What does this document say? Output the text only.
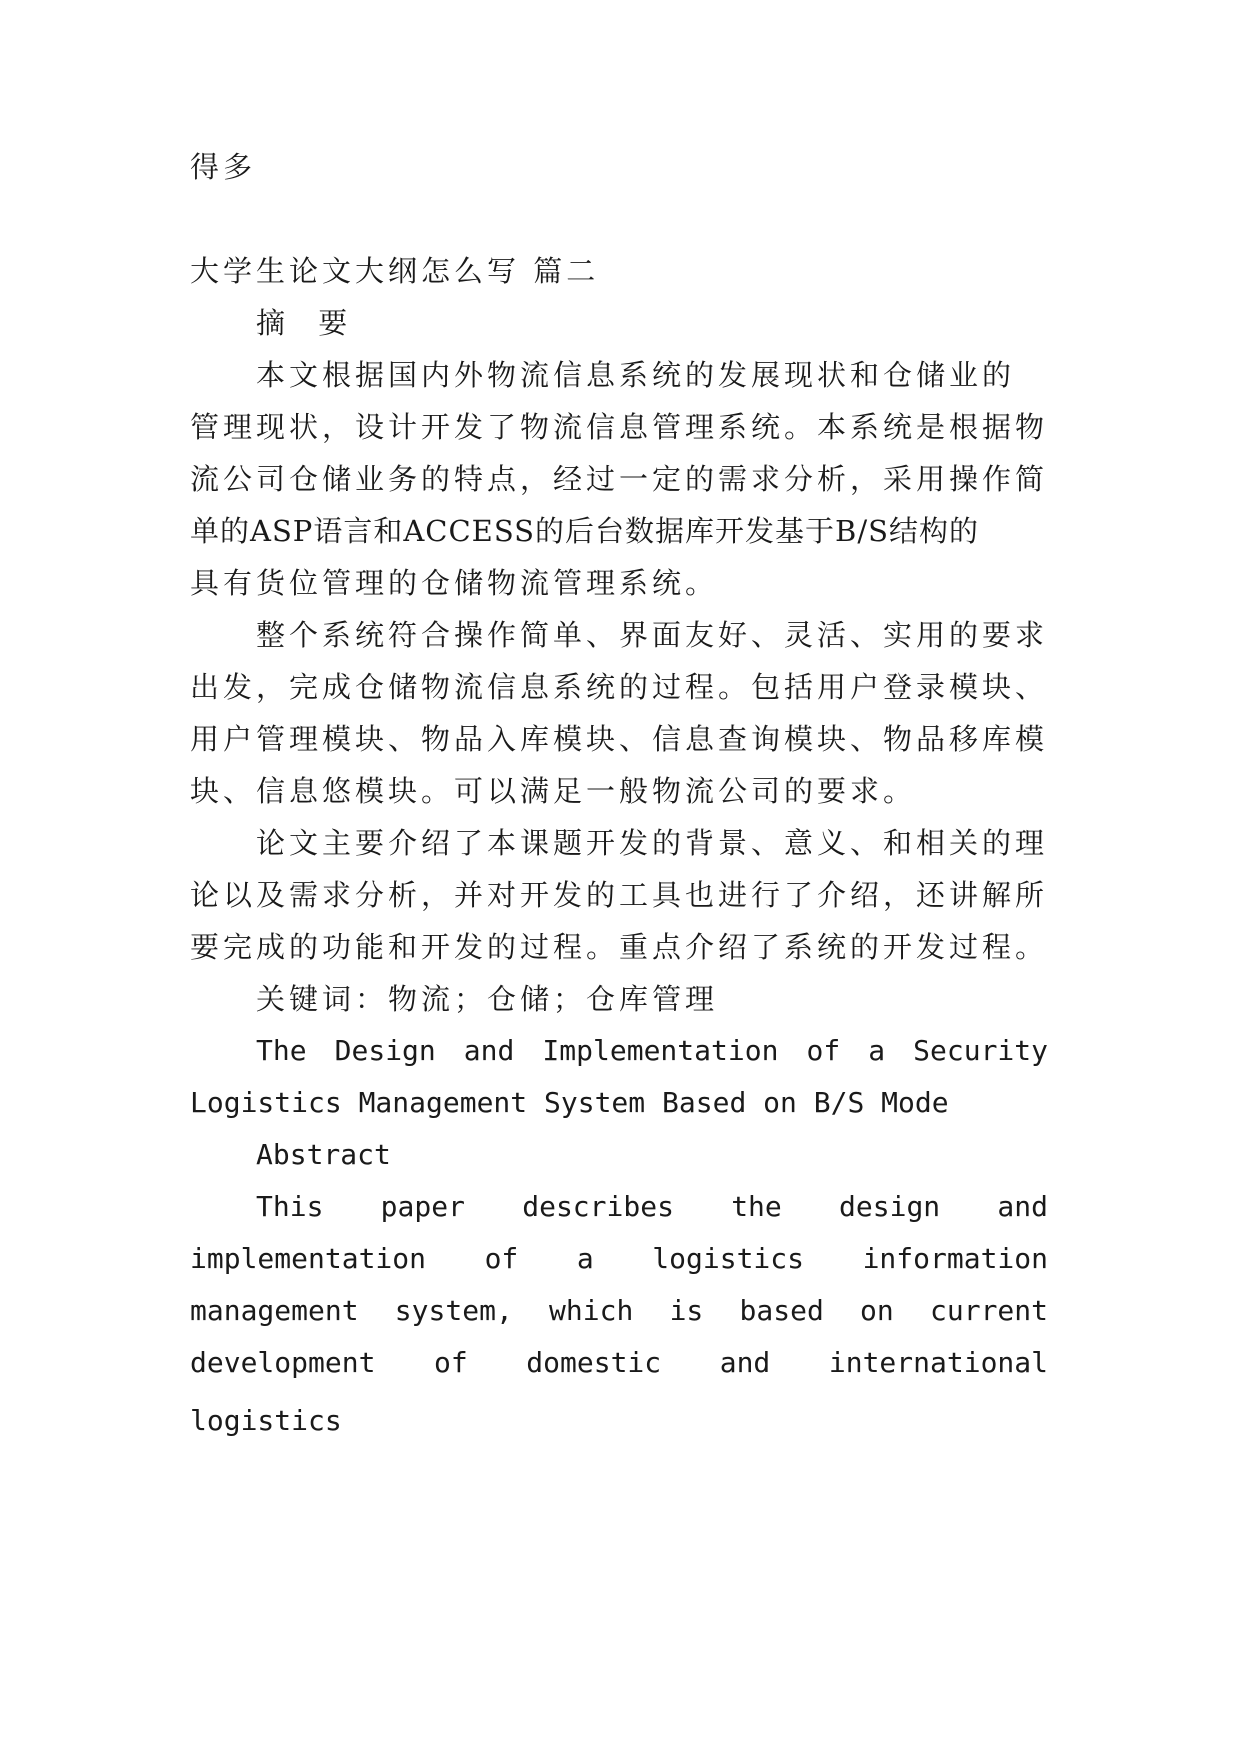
得多
大学生论文大纲怎么写 篇二
摘 要
本文根据国内外物流信息系统的发展现状和仓储业的
管理现状，设计开发了物流信息管理系统。本系统是根据物
流公司仓储业务的特点，经过一定的需求分析，采用操作简
单的ASP语言和ACCESS的后台数据库开发基于B/S结构的
具有货位管理的仓储物流管理系统。
整个系统符合操作简单、界面友好、灵活、实用的要求
出发，完成仓储物流信息系统的过程。包括用户登录模块、
用户管理模块、物品入库模块、信息查询模块、物品移库模
块、信息悠模块。可以满足一般物流公司的要求。
论文主要介绍了本课题开发的背景、意义、和相关的理
论以及需求分析，并对开发的工具也进行了介绍，还讲解所
要完成的功能和开发的过程。重点介绍了系统的开发过程。
关键词：物流；仓储；仓库管理
The Design and Implementation of a Security
Logistics Management System Based on B/S Mode
Abstract
This paper describes the design and
implementation of a logistics information
management system, which is based on current
development of domestic and international logistics
